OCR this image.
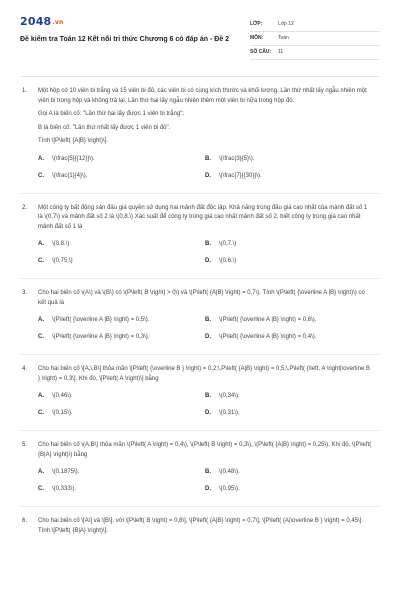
2048.vn
Đề kiểm tra Toán 12 Kết nối tri thức Chương 6 có đáp án - Đề 2
LỚP:	Lớp 12
MÔN:	Toán
SỐ CÂU:	11
1.	Một hộp có 10 viên bi trắng và 15 viên bi đỏ, các viên bi có cùng kích thước và khối lượng. Lần thứ nhất lấy ngẫu nhiên một viên bi trong hộp và không trả lại. Lần thứ hai lấy ngẫu nhiên thêm một viên bi nữa trong hộp đó.
Gọi A là biến cố: "Lần thứ hai lấy được 1 viên bi trắng";
B là biến cố: "Lần thứ nhất lấy được 1 viên bi đỏ".
Tính \[P\left( {A|B} \right)\].
A.	\(\frac{5}{{12}}\).	B.	\(\frac{3}{5}\).
C.	\(\frac{1}{4}\).	D.	\(\frac{7}{{30}}\).
2.	Một công ty bất động sản đấu giá quyền sử dụng hai mảnh đất độc lập. Khả năng trúng đấu giá cao nhất của mảnh đất số 1 là \(0,7\) và mảnh đất số 2 là \(0,8.\) Xác suất để công ty trúng giá cao nhất mảnh đất số 2, biết công ty trúng giá cao nhất mảnh đất số 1 là
A.	\(0,8.\)	B.	\(0,7.\)
C.	\(0,75.\)	D.	\(0,6.\)
3.	Cho hai biến cố \(A\) và \(B\) có \(P\left( B \right) > 0\) và \(P\left( {A|B} \right) = 0,7\). Tính \(P\left( {\overline A |B} \right)\) có kết quả là
A.	\(P\left( {\overline A |B} \right) = 0,5\).	B.	\(P\left( {\overline A |B} \right) = 0,6\).
C.	\(P\left( {\overline A |B} \right) = 0,3\).	D.	\(P\left( {\overline A |B} \right) = 0,4\).
4.	Cho hai biến cố \[A,\,B\] thỏa mãn \[P\left( {\overline B } \right) = 0,2;\,P\left( {A|B} \right) = 0,5;\,P\left( {\left. A \right|\overline B } \right) = 0,3\]. Khi đó, \[P\left( A \right)\] bằng
A.	\(0,46\).	B.	\(0,34\).
C.	\(0,15\).	D.	\(0,31\).
5.	Cho hai biến cố \(A,B\) thỏa mãn \(P\left( A \right) = 0,4\), \(P\left( B \right) = 0,3\), \(P\left( {A|B} \right) = 0,25\). Khi đó, \(P\left( {B|A} \right)\) bằng
A.	\(0,1875\).	B.	\(0,48\).
C.	\(0,333\).	D.	\(0,95\).
6.	Cho hai biến cố \[A\] và \[B\], với \[P\left( B \right) = 0,8\], \[P\left( {A|B} \right) = 0,7\], \[P\left( {A|\overline B } \right) = 0,45\]. Tính \[P\left( {B|A} \right)\].
